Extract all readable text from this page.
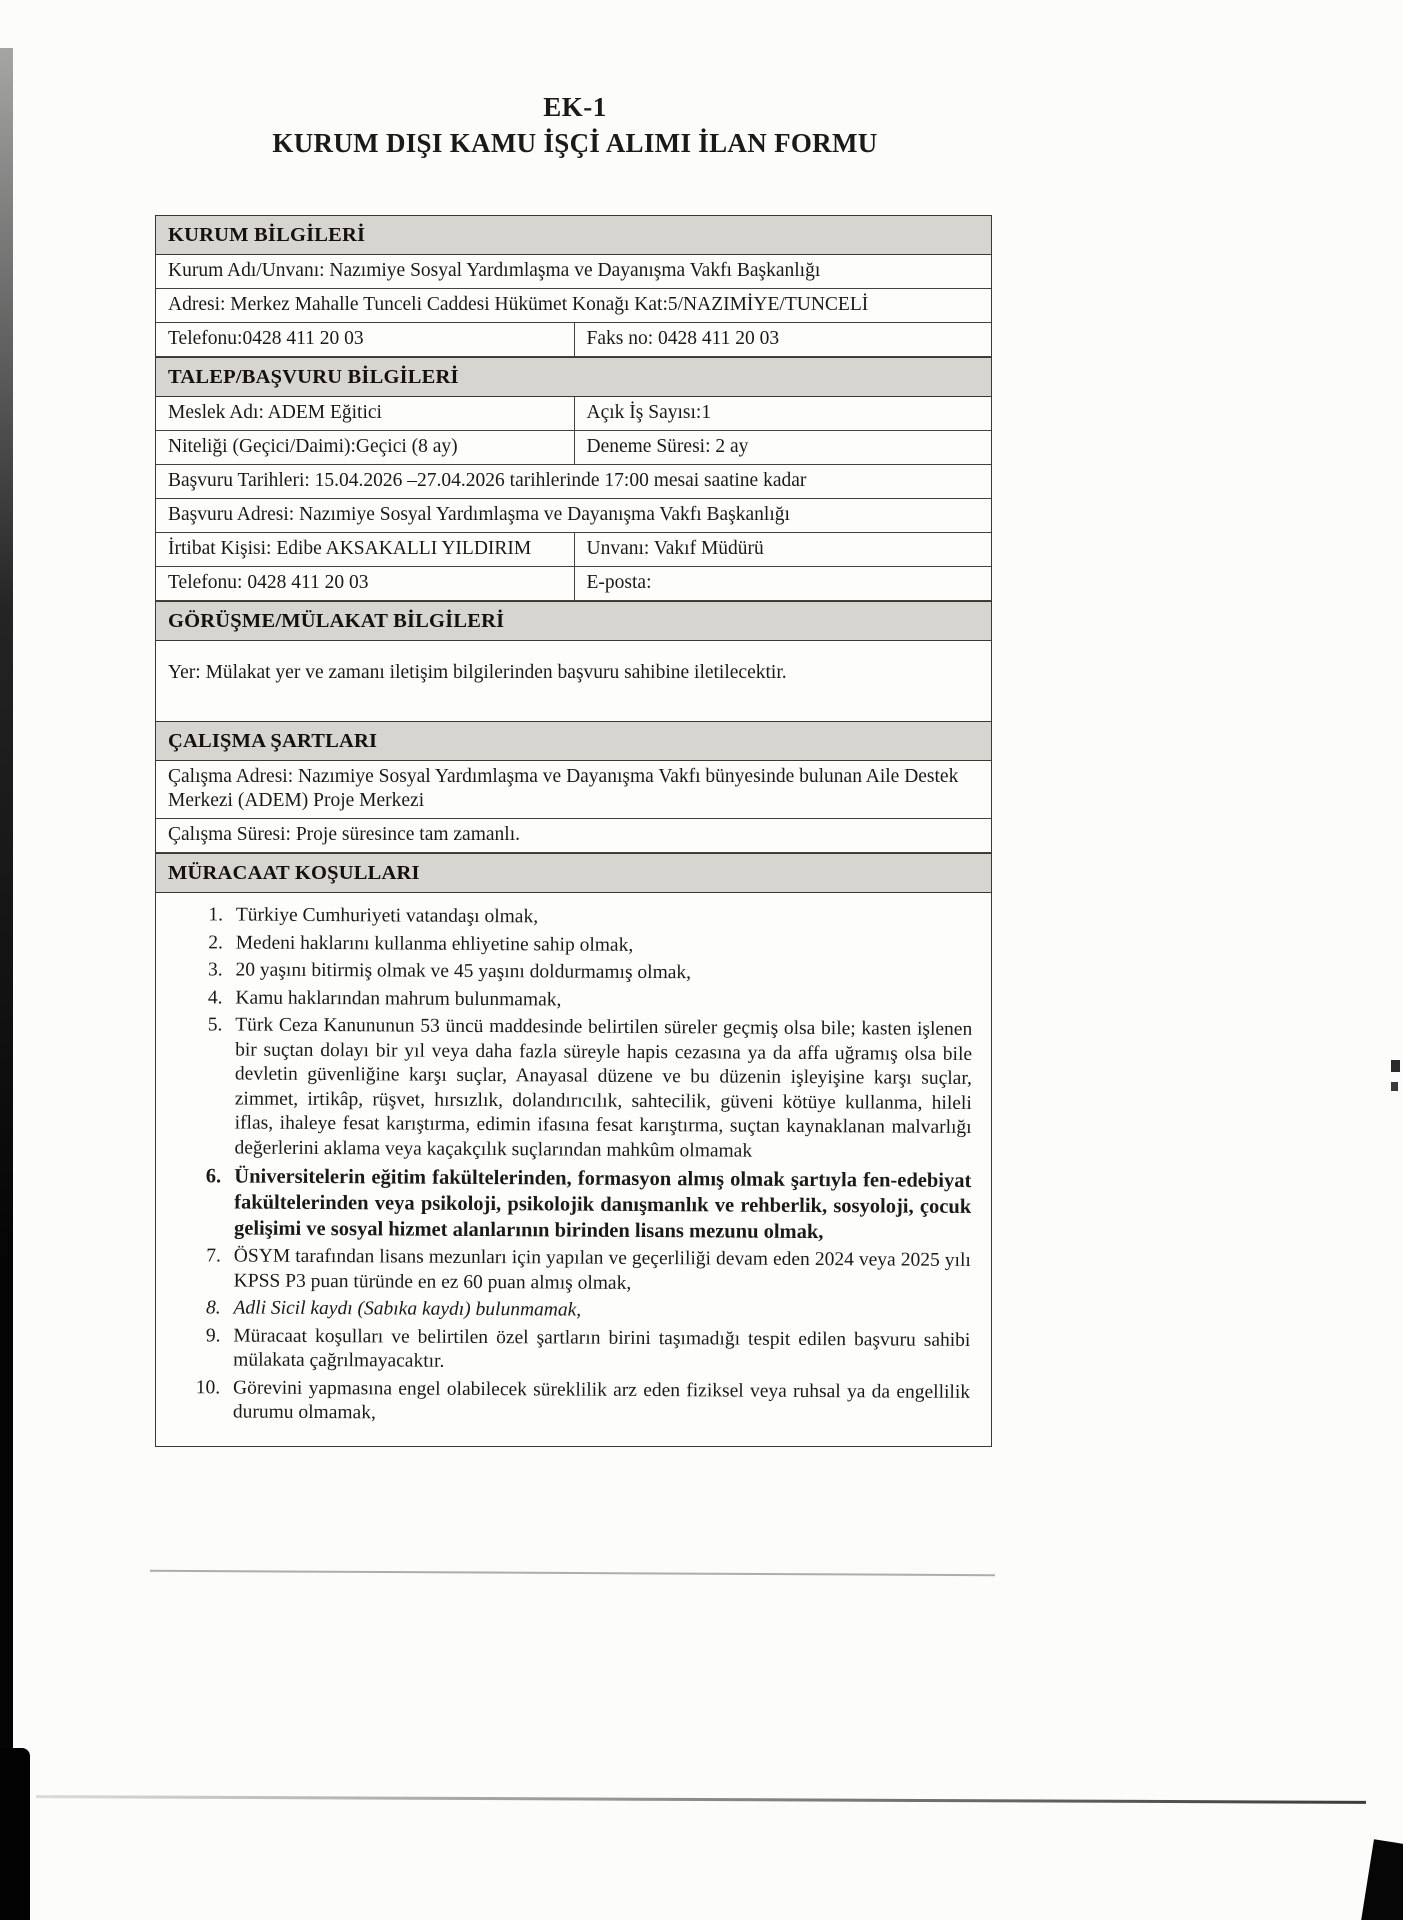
EK-1
KURUM DIŞI KAMU İŞÇİ ALIMI İLAN FORMU
KURUM BİLGİLERİ
Kurum Adı/Unvanı: Nazımiye Sosyal Yardımlaşma ve Dayanışma Vakfı Başkanlığı
Adresi: Merkez Mahalle Tunceli Caddesi Hükümet Konağı Kat:5/NAZIMİYE/TUNCELİ
Telefonu:0428 411 20 03	Faks no: 0428 411 20 03
TALEP/BAŞVURU BİLGİLERİ
Meslek Adı: ADEM Eğitici	Açık İş Sayısı:1
Niteliği (Geçici/Daimi):Geçici (8 ay)	Deneme Süresi: 2 ay
Başvuru Tarihleri: 15.04.2026 –27.04.2026 tarihlerinde 17:00 mesai saatine kadar
Başvuru Adresi: Nazımiye Sosyal Yardımlaşma ve Dayanışma Vakfı Başkanlığı
İrtibat Kişisi: Edibe AKSAKALLI YILDIRIM	Unvanı: Vakıf Müdürü
Telefonu: 0428 411 20 03	E-posta:
GÖRÜŞME/MÜLAKAT BİLGİLERİ
Yer: Mülakat yer ve zamanı iletişim bilgilerinden başvuru sahibine iletilecektir.
ÇALIŞMA ŞARTLARI
Çalışma Adresi: Nazımiye Sosyal Yardımlaşma ve Dayanışma Vakfı bünyesinde bulunan Aile Destek Merkezi (ADEM) Proje Merkezi
Çalışma Süresi: Proje süresince tam zamanlı.
MÜRACAAT KOŞULLARI
1. Türkiye Cumhuriyeti vatandaşı olmak,
2. Medeni haklarını kullanma ehliyetine sahip olmak,
3. 20 yaşını bitirmiş olmak ve 45 yaşını doldurmamış olmak,
4. Kamu haklarından mahrum bulunmamak,
5. Türk Ceza Kanununun 53 üncü maddesinde belirtilen süreler geçmiş olsa bile; kasten işlenen bir suçtan dolayı bir yıl veya daha fazla süreyle hapis cezasına ya da affa uğramış olsa bile devletin güvenliğine karşı suçlar, Anayasal düzene ve bu düzenin işleyişine karşı suçlar, zimmet, irtikâp, rüşvet, hırsızlık, dolandırıcılık, sahtecilik, güveni kötüye kullanma, hileli iflas, ihaleye fesat karıştırma, edimin ifasına fesat karıştırma, suçtan kaynaklanan malvarlığı değerlerini aklama veya kaçakçılık suçlarından mahkûm olmamak
6. Üniversitelerin eğitim fakültelerinden, formasyon almış olmak şartıyla fen-edebiyat fakültelerinden veya psikoloji, psikolojik danışmanlık ve rehberlik, sosyoloji, çocuk gelişimi ve sosyal hizmet alanlarının birinden lisans mezunu olmak,
7. ÖSYM tarafından lisans mezunları için yapılan ve geçerliliği devam eden 2024 veya 2025 yılı KPSS P3 puan türünde en ez 60 puan almış olmak,
8. Adli Sicil kaydı (Sabıka kaydı) bulunmamak,
9. Müracaat koşulları ve belirtilen özel şartların birini taşımadığı tespit edilen başvuru sahibi mülakata çağrılmayacaktır.
10. Görevini yapmasına engel olabilecek süreklilik arz eden fiziksel veya ruhsal ya da engellilik durumu olmamak,
